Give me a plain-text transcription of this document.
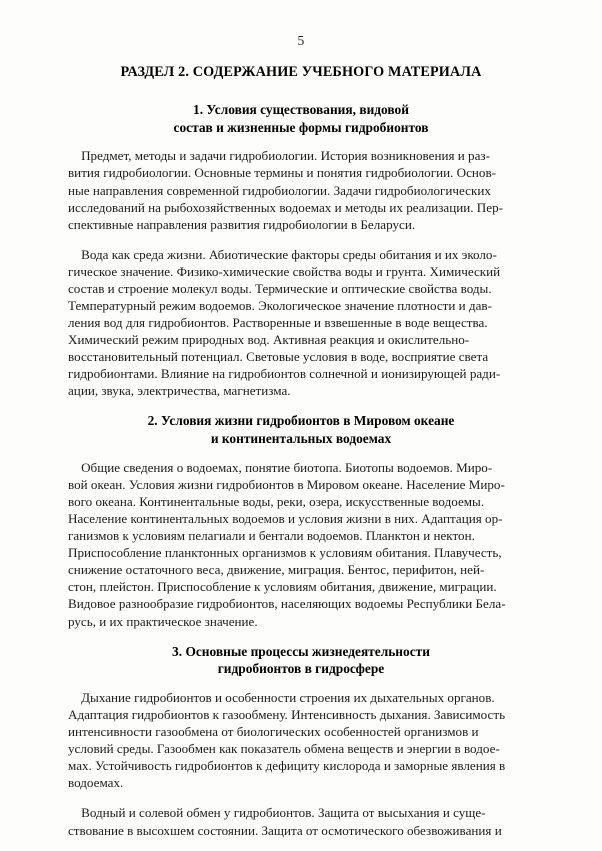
5
РАЗДЕЛ 2. СОДЕРЖАНИЕ УЧЕБНОГО МАТЕРИАЛА
1. Условия существования, видовой
состав и жизненные формы гидробионтов

Предмет, методы и задачи гидробиологии. История возникновения и раз-
вития гидробиологии. Основные термины и понятия гидробиологии. Основ-
ные направления современной гидробиологии. Задачи гидробиологических
исследований на рыбохозяйственных водоемах и методы их реализации. Пер-
спективные направления развития гидробиологии в Беларуси.

Вода как среда жизни. Абиотические факторы среды обитания и их эколо-
гическое значение. Физико-химические свойства воды и грунта. Химический
состав и строение молекул воды. Термические и оптические свойства воды.
Температурный режим водоемов. Экологическое значение плотности и дав-
ления вод для гидробионтов. Растворенные и взвешенные в воде вещества.
Химический режим природных вод. Активная реакция и окислительно-
восстановительный потенциал. Световые условия в воде, восприятие света
гидробионтами. Влияние на гидробионтов солнечной и ионизирующей ради-
ации, звука, электричества, магнетизма.

2. Условия жизни гидробионтов в Мировом океане
и континентальных водоемах

Общие сведения о водоемах, понятие биотопа. Биотопы водоемов. Миро-
вой океан. Условия жизни гидробионтов в Мировом океане. Население Миро-
вого океана. Континентальные воды, реки, озера, искусственные водоемы.
Население континентальных водоемов и условия жизни в них. Адаптация ор-
ганизмов к условиям пелагиали и бентали водоемов. Планктон и нектон.
Приспособление планктонных организмов к условиям обитания. Плавучесть,
снижение остаточного веса, движение, миграция. Бентос, перифитон, ней-
стон, плейстон. Приспособление к условиям обитания, движение, миграции.
Видовое разнообразие гидробионтов, населяющих водоемы Республики Бела-
русь, и их практическое значение.

3. Основные процессы жизнедеятельности
гидробионтов в гидросфере

Дыхание гидробионтов и особенности строения их дыхательных органов.
Адаптация гидробионтов к газообмену. Интенсивность дыхания. Зависимость
интенсивности газообмена от биологических особенностей организмов и
условий среды. Газообмен как показатель обмена веществ и энергии в водое-
мах. Устойчивость гидробионтов к дефициту кислорода и заморные явления в
водоемах.

Водный и солевой обмен у гидробионтов. Защита от высыхания и суще-
ствование в высохшем состоянии. Защита от осмотического обезвоживания и
